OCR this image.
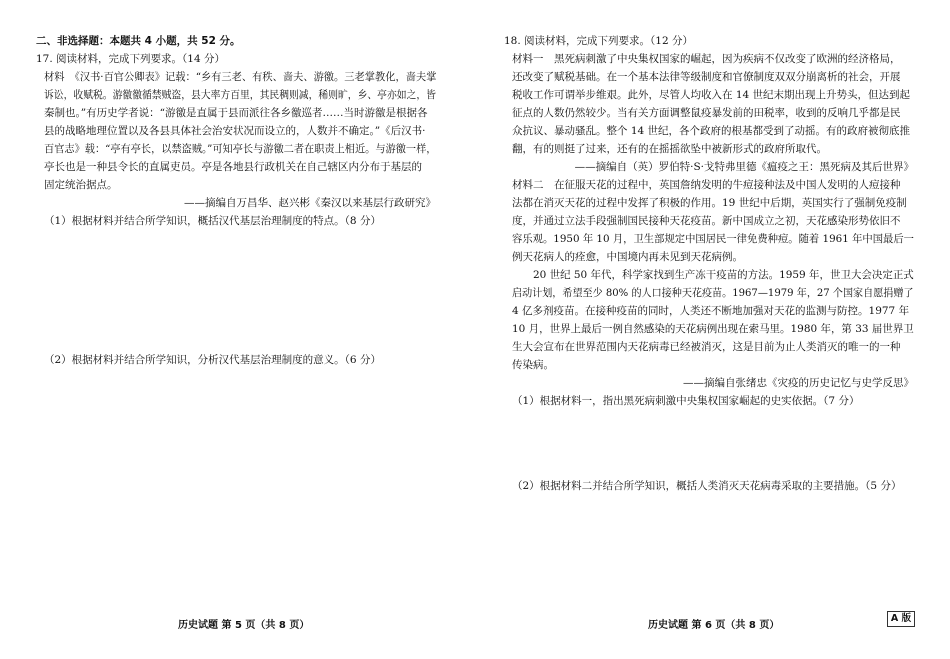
二、非选择题：本题共 4 小题，共 52 分。
17. 阅读材料，完成下列要求。（14 分）
材料　《汉书·百官公卿表》记载：“乡有三老、有秩、啬夫、游徼。三老掌教化，啬夫掌
诉讼，收赋税。游徼徼循禁贼盗，县大率方百里，其民稠则减，稀则旷，乡、亭亦如之，皆
秦制也。”有历史学者说：“游徼是直属于县而派往各乡徼巡者……当时游徼是根据各
县的战略地理位置以及各县具体社会治安状况而设立的，人数并不确定。”《后汉书·
百官志》载：“亭有亭长，以禁盗贼。”可知亭长与游徼二者在职责上相近。与游徼一样，
亭长也是一种县令长的直属吏员。亭是各地县行政机关在自己辖区内分布于基层的
固定统治据点。
——摘编自万昌华、赵兴彬《秦汉以来基层行政研究》
（1）根据材料并结合所学知识，概括汉代基层治理制度的特点。（8 分）
（2）根据材料并结合所学知识，分析汉代基层治理制度的意义。（6 分）
历史试题 第 5 页（共 8 页）
18. 阅读材料，完成下列要求。（12 分）
材料一　黑死病刺激了中央集权国家的崛起，因为疾病不仅改变了欧洲的经济格局，
还改变了赋税基础。在一个基本法律等级制度和官僚制度双双分崩离析的社会，开展
税收工作可谓举步维艰。此外，尽管人均收入在 14 世纪末期出现上升势头，但达到起
征点的人数仍然较少。当有关方面调整鼠疫暴发前的田税率，收到的反响几乎都是民
众抗议、暴动骚乱。整个 14 世纪，各个政府的根基都受到了动摇。有的政府被彻底推
翻，有的则挺了过来，还有的在摇摇欲坠中被新形式的政府所取代。
——摘编自（英）罗伯特·S·戈特弗里德《瘟疫之王：黑死病及其后世界》
材料二　在征服天花的过程中，英国詹纳发明的牛痘接种法及中国人发明的人痘接种
法都在消灭天花的过程中发挥了积极的作用。19 世纪中后期，英国实行了强制免疫制
度，并通过立法手段强制国民接种天花疫苗。新中国成立之初，天花感染形势依旧不
容乐观。1950 年 10 月，卫生部规定中国居民一律免费种痘。随着 1961 年中国最后一
例天花病人的痊愈，中国境内再未见到天花病例。
　　20 世纪 50 年代，科学家找到生产冻干疫苗的方法。1959 年，世卫大会决定正式
启动计划，希望至少 80% 的人口接种天花疫苗。1967—1979 年，27 个国家自愿捐赠了
4 亿多剂疫苗。在接种疫苗的同时，人类还不断地加强对天花的监测与防控。1977 年
10 月，世界上最后一例自然感染的天花病例出现在索马里。1980 年，第 33 届世界卫
生大会宣布在世界范围内天花病毒已经被消灭，这是目前为止人类消灭的唯一的一种
传染病。
——摘编自张绪忠《灾疫的历史记忆与史学反思》
（1）根据材料一，指出黑死病刺激中央集权国家崛起的史实依据。（7 分）
（2）根据材料二并结合所学知识，概括人类消灭天花病毒采取的主要措施。（5 分）
历史试题 第 6 页（共 8 页）
A 版
